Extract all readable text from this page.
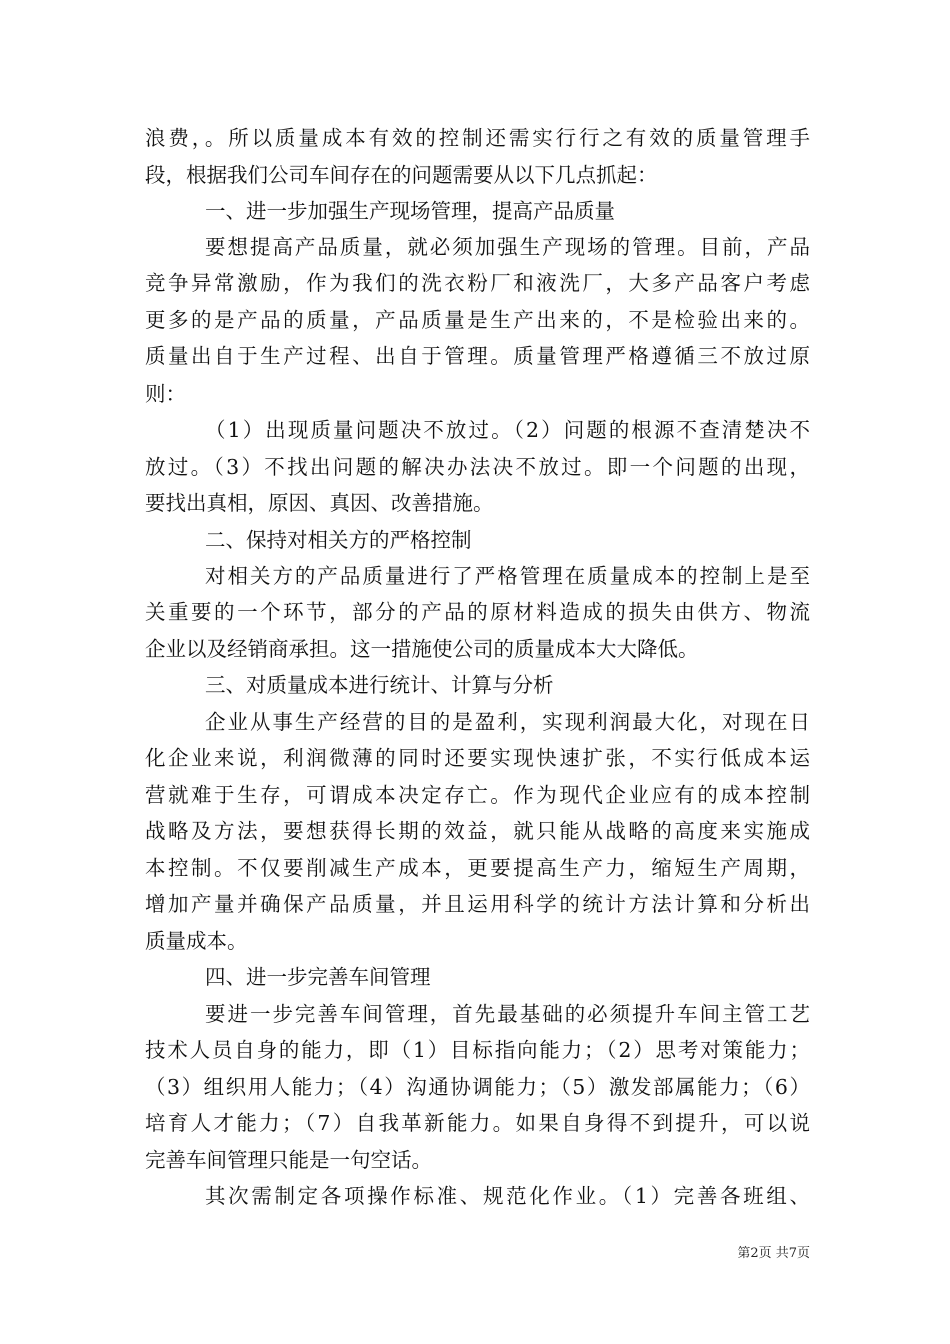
浪费，。所以质量成本有效的控制还需实行行之有效的质量管理手
段，根据我们公司车间存在的问题需要从以下几点抓起：
一、进一步加强生产现场管理，提高产品质量
要想提高产品质量，就必须加强生产现场的管理。目前，产品
竞争异常激励，作为我们的洗衣粉厂和液洗厂，大多产品客户考虑
更多的是产品的质量，产品质量是生产出来的，不是检验出来的。
质量出自于生产过程、出自于管理。质量管理严格遵循三不放过原
则：
（1）出现质量问题决不放过。（2）问题的根源不查清楚决不
放过。（3）不找出问题的解决办法决不放过。即一个问题的出现，
要找出真相，原因、真因、改善措施。
二、保持对相关方的严格控制
对相关方的产品质量进行了严格管理在质量成本的控制上是至
关重要的一个环节，部分的产品的原材料造成的损失由供方、物流
企业以及经销商承担。这一措施使公司的质量成本大大降低。
三、对质量成本进行统计、计算与分析
企业从事生产经营的目的是盈利，实现利润最大化，对现在日
化企业来说，利润微薄的同时还要实现快速扩张，不实行低成本运
营就难于生存，可谓成本决定存亡。作为现代企业应有的成本控制
战略及方法，要想获得长期的效益，就只能从战略的高度来实施成
本控制。不仅要削减生产成本，更要提高生产力，缩短生产周期，
增加产量并确保产品质量，并且运用科学的统计方法计算和分析出
质量成本。
四、进一步完善车间管理
要进一步完善车间管理，首先最基础的必须提升车间主管工艺
技术人员自身的能力，即（1）目标指向能力；（2）思考对策能力；
（3）组织用人能力；（4）沟通协调能力；（5）激发部属能力；（6）
培育人才能力；（7）自我革新能力。如果自身得不到提升，可以说
完善车间管理只能是一句空话。
其次需制定各项操作标准、规范化作业。（1）完善各班组、
第2页 共7页
